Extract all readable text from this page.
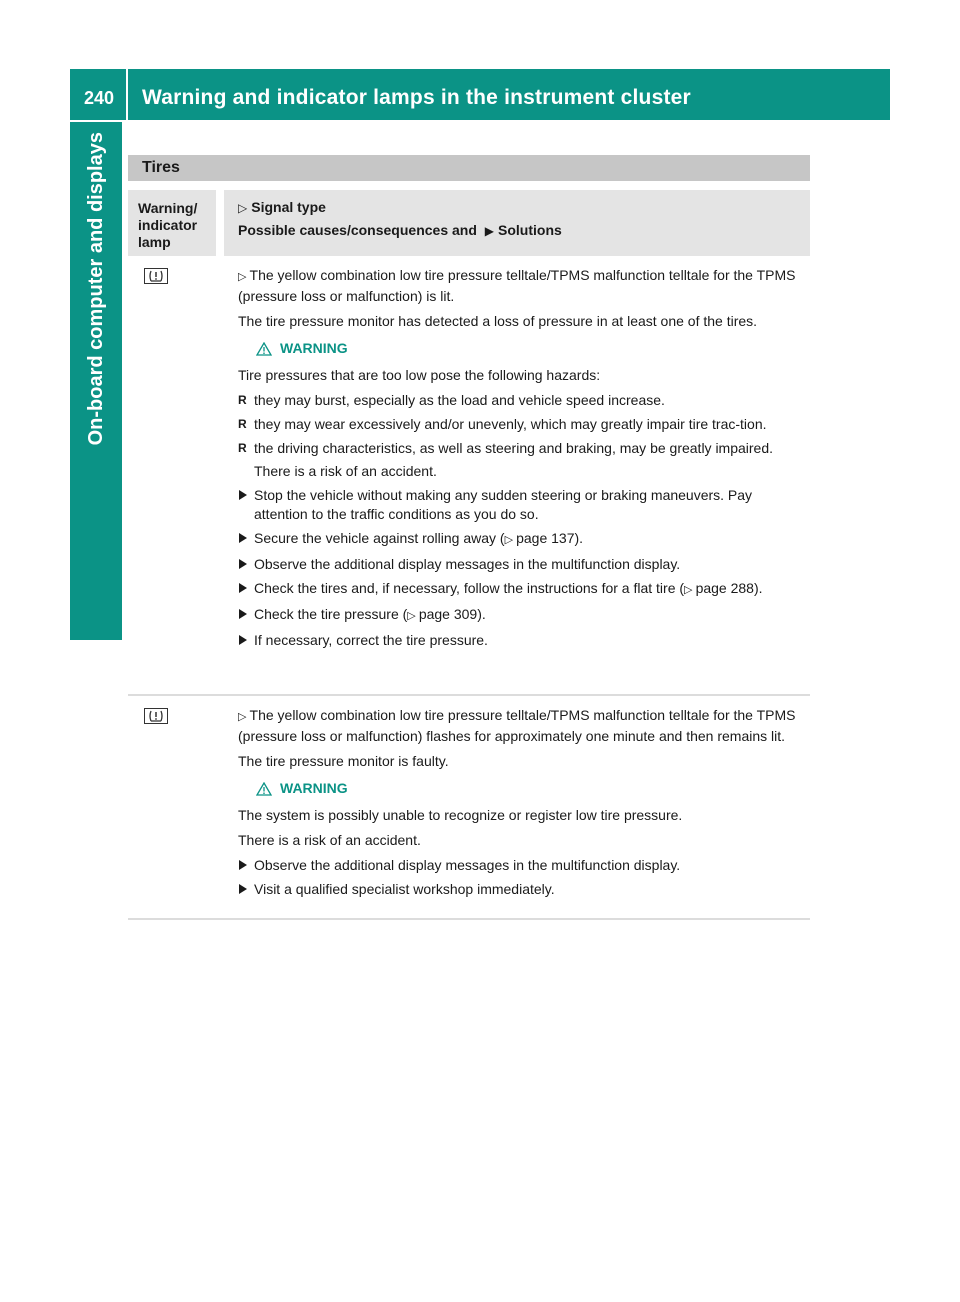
240 Warning and indicator lamps in the instrument cluster
On-board computer and displays	Tires
Warning/ indicator lamp
▷ Signal type
Possible causes/consequences and ▶ Solutions

▷ The yellow combination low tire pressure telltale/TPMS malfunction telltale for the TPMS (pressure loss or malfunction) is lit.

The tire pressure monitor has detected a loss of pressure in at least one of the tires.

WARNING

Tire pressures that are too low pose the following hazards:

R they may burst, especially as the load and vehicle speed increase.
R they may wear excessively and/or unevenly, which may greatly impair tire trac-tion.
R the driving characteristics, as well as steering and braking, may be greatly impaired.
There is a risk of an accident.
Stop the vehicle without making any sudden steering or braking maneuvers. Pay attention to the traffic conditions as you do so.
Secure the vehicle against rolling away (▷ page 137).
Observe the additional display messages in the multifunction display.
Check the tires and, if necessary, follow the instructions for a flat tire (▷ page 288).
Check the tire pressure (▷ page 309).
If necessary, correct the tire pressure.

▷ The yellow combination low tire pressure telltale/TPMS malfunction telltale for the TPMS (pressure loss or malfunction) flashes for approximately one minute and then remains lit.

The tire pressure monitor is faulty.

WARNING

The system is possibly unable to recognize or register low tire pressure.

There is a risk of an accident.

Observe the additional display messages in the multifunction display.
Visit a qualified specialist workshop immediately.
